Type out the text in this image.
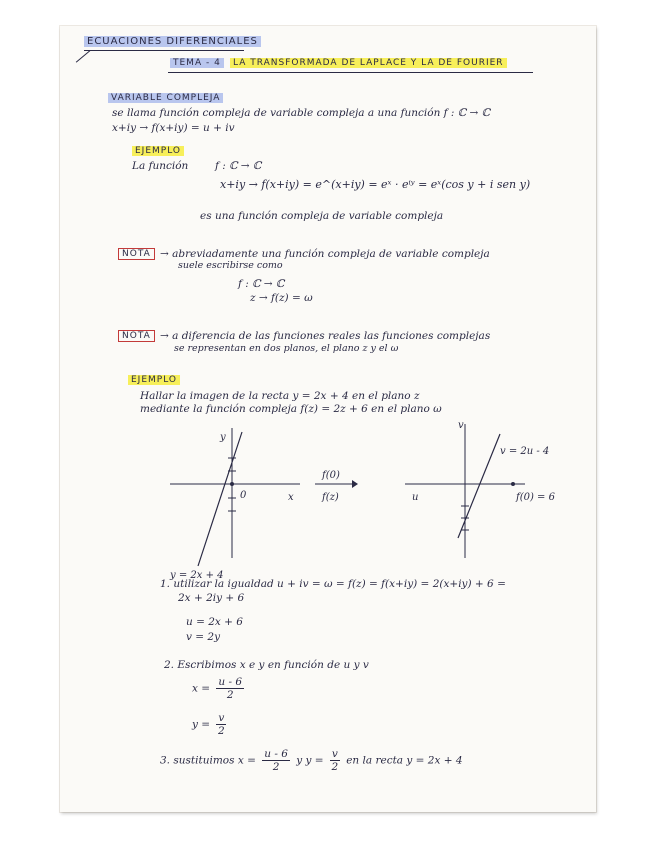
ECUACIONES DIFERENCIALES
TEMA - 4	LA TRANSFORMADA DE LAPLACE Y LA DE FOURIER
VARIABLE COMPLEJA
se llama función compleja de variable compleja a una función f : ℂ → ℂ
x+iy → f(x+iy) = u + iv
EJEMPLO
La función	f : ℂ → ℂ
x+iy → f(x+iy) = e^(x+iy) = eˣ · eⁱʸ = eˣ(cos y + i sen y)
es una función compleja de variable compleja
NOTA → abreviadamente una función compleja de variable compleja
suele escribirse como
f : ℂ → ℂ
z → f(z) = ω
NOTA → a diferencia de las funciones reales las funciones complejas
se representan en dos planos, el plano z y el ω
EJEMPLO
Hallar la imagen de la recta y = 2x + 4 en el plano z
mediante la función compleja f(z) = 2z + 6 en el plano ω
y
x
0
y = 2x + 4
f(0)
f(z)
v
u
v = 2u - 4
f(0) = 6
1. utilizar la igualdad u + iv = ω = f(z) = f(x+iy) = 2(x+iy) + 6 =
2x + 2iy + 6
u = 2x + 6
v = 2y
2. Escribimos x e y en función de u y v
$x = \frac{u - 6}{2}$
$y = \frac{v}{2}$
3. sustituimos $x = \frac{u - 6}{2}$ y $y = \frac{v}{2}$ en la recta y = 2x + 4
